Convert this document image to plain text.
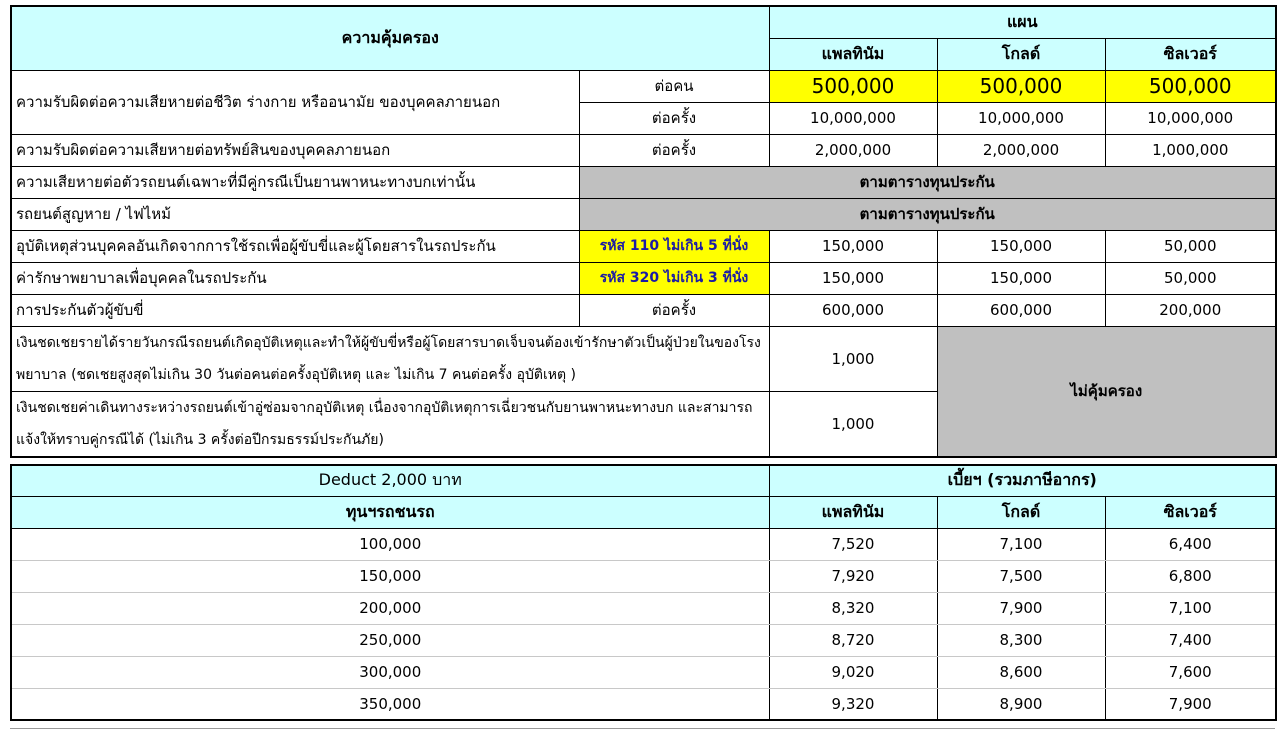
ความคุ้มครอง		แผน		
		แพลทินัม	โกลด์	ซิลเวอร์
ความรับผิดต่อความเสียหายต่อชีวิต ร่างกาย หรืออนามัย ของบุคคลภายนอก	ต่อคน	500,000	500,000	500,000
	ต่อครั้ง	10,000,000	10,000,000	10,000,000
ความรับผิดต่อความเสียหายต่อทรัพย์สินของบุคคลภายนอก	ต่อครั้ง	2,000,000	2,000,000	1,000,000
ความเสียหายต่อตัวรถยนต์เฉพาะที่มีคู่กรณีเป็นยานพาหนะทางบกเท่านั้น	ตามตารางทุนประกัน			
รถยนต์สูญหาย / ไฟไหม้	ตามตารางทุนประกัน			
อุบัติเหตุส่วนบุคคลอันเกิดจากการใช้รถเพื่อผู้ขับขี่และผู้โดยสารในรถประกัน	รหัส 110 ไม่เกิน 5 ที่นั่ง	150,000	150,000	50,000
ค่ารักษาพยาบาลเพื่อบุคคลในรถประกัน	รหัส 320 ไม่เกิน 3 ที่นั่ง	150,000	150,000	50,000
การประกันตัวผู้ขับขี่	ต่อครั้ง	600,000	600,000	200,000
เงินชดเชยรายได้รายวันกรณีรถยนต์เกิดอุบัติเหตุและทำให้ผู้ขับขี่หรือผู้โดยสารบาดเจ็บจนต้องเข้ารักษาตัวเป็นผู้ป่วยในของโรงพยาบาล (ชดเชยสูงสุดไม่เกิน 30 วันต่อคนต่อครั้งอุบัติเหตุ และ ไม่เกิน 7 คนต่อครั้ง อุบัติเหตุ )		1,000	ไม่คุ้มครอง	
เงินชดเชยค่าเดินทางระหว่างรถยนต์เข้าอู่ซ่อมจากอุบัติเหตุ เนื่องจากอุบัติเหตุการเฉี่ยวชนกับยานพาหนะทางบก และสามารถแจ้งให้ทราบคู่กรณีได้ (ไม่เกิน 3 ครั้งต่อปีกรมธรรม์ประกันภัย)		1,000		
Deduct 2,000 บาท	เบี้ยฯ (รวมภาษีอากร)		
ทุนฯรถชนรถ	แพลทินัม	โกลด์	ซิลเวอร์
100,000	7,520	7,100	6,400
150,000	7,920	7,500	6,800
200,000	8,320	7,900	7,100
250,000	8,720	8,300	7,400
300,000	9,020	8,600	7,600
350,000	9,320	8,900	7,900
